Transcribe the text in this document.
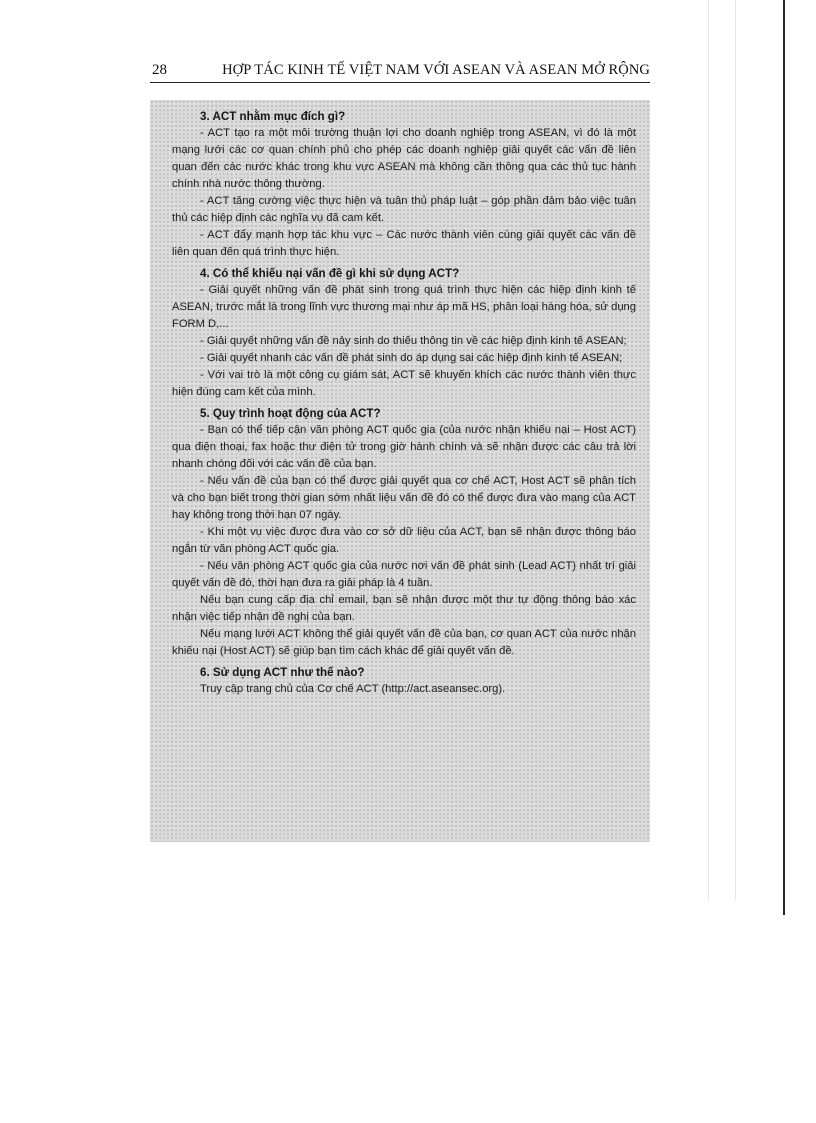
28	HỢP TÁC KINH TẾ VIỆT NAM VỚI ASEAN VÀ ASEAN MỞ RỘNG

3. ACT nhằm mục đích gì?

- ACT tạo ra một môi trường thuận lợi cho doanh nghiệp trong ASEAN, vì đó là một mạng lưới các cơ quan chính phủ cho phép các doanh nghiệp giải quyết các vấn đề liên quan đến các nước khác trong khu vực ASEAN mà không cần thông qua các thủ tục hành chính nhà nước thông thường.

- ACT tăng cường việc thực hiện và tuân thủ pháp luật – góp phần đảm bảo việc tuân thủ các hiệp định các nghĩa vụ đã cam kết.

- ACT đẩy mạnh hợp tác khu vực – Các nước thành viên cùng giải quyết các vấn đề liên quan đến quá trình thực hiện.

4. Có thể khiếu nại vấn đề gì khi sử dụng ACT?

- Giải quyết những vấn đề phát sinh trong quá trình thực hiện các hiệp định kinh tế ASEAN, trước mắt là trong lĩnh vực thương mại như áp mã HS, phân loại hàng hóa, sử dụng FORM D,...

- Giải quyết những vấn đề nảy sinh do thiếu thông tin về các hiệp định kinh tế ASEAN;

- Giải quyết nhanh các vấn đề phát sinh do áp dụng sai các hiệp định kinh tế ASEAN;

- Với vai trò là một công cụ giám sát, ACT sẽ khuyến khích các nước thành viên thực hiện đúng cam kết của mình.

5. Quy trình hoạt động của ACT?

- Bạn có thể tiếp cận văn phòng ACT quốc gia (của nước nhận khiếu nại – Host ACT) qua điện thoại, fax hoặc thư điện tử trong giờ hành chính và sẽ nhận được các câu trả lời nhanh chóng đối với các vấn đề của bạn.

- Nếu vấn đề của bạn có thể được giải quyết qua cơ chế ACT, Host ACT sẽ phân tích và cho bạn biết trong thời gian sớm nhất liệu vấn đề đó có thể được đưa vào mạng của ACT hay không trong thời hạn 07 ngày.

- Khi một vụ việc được đưa vào cơ sở dữ liệu của ACT, bạn sẽ nhận được thông báo ngắn từ văn phòng ACT quốc gia.

- Nếu văn phòng ACT quốc gia của nước nơi vấn đề phát sinh (Lead ACT) nhất trí giải quyết vấn đề đó, thời hạn đưa ra giải pháp là 4 tuần.

Nếu bạn cung cấp địa chỉ email, bạn sẽ nhận được một thư tự động thông báo xác nhận việc tiếp nhận đề nghị của bạn.

Nếu mạng lưới ACT không thể giải quyết vấn đề của bạn, cơ quan ACT của nước nhận khiếu nại (Host ACT) sẽ giúp bạn tìm cách khác để giải quyết vấn đề.

6. Sử dụng ACT như thế nào?

Truy cập trang chủ của Cơ chế ACT (http://act.aseansec.org).
